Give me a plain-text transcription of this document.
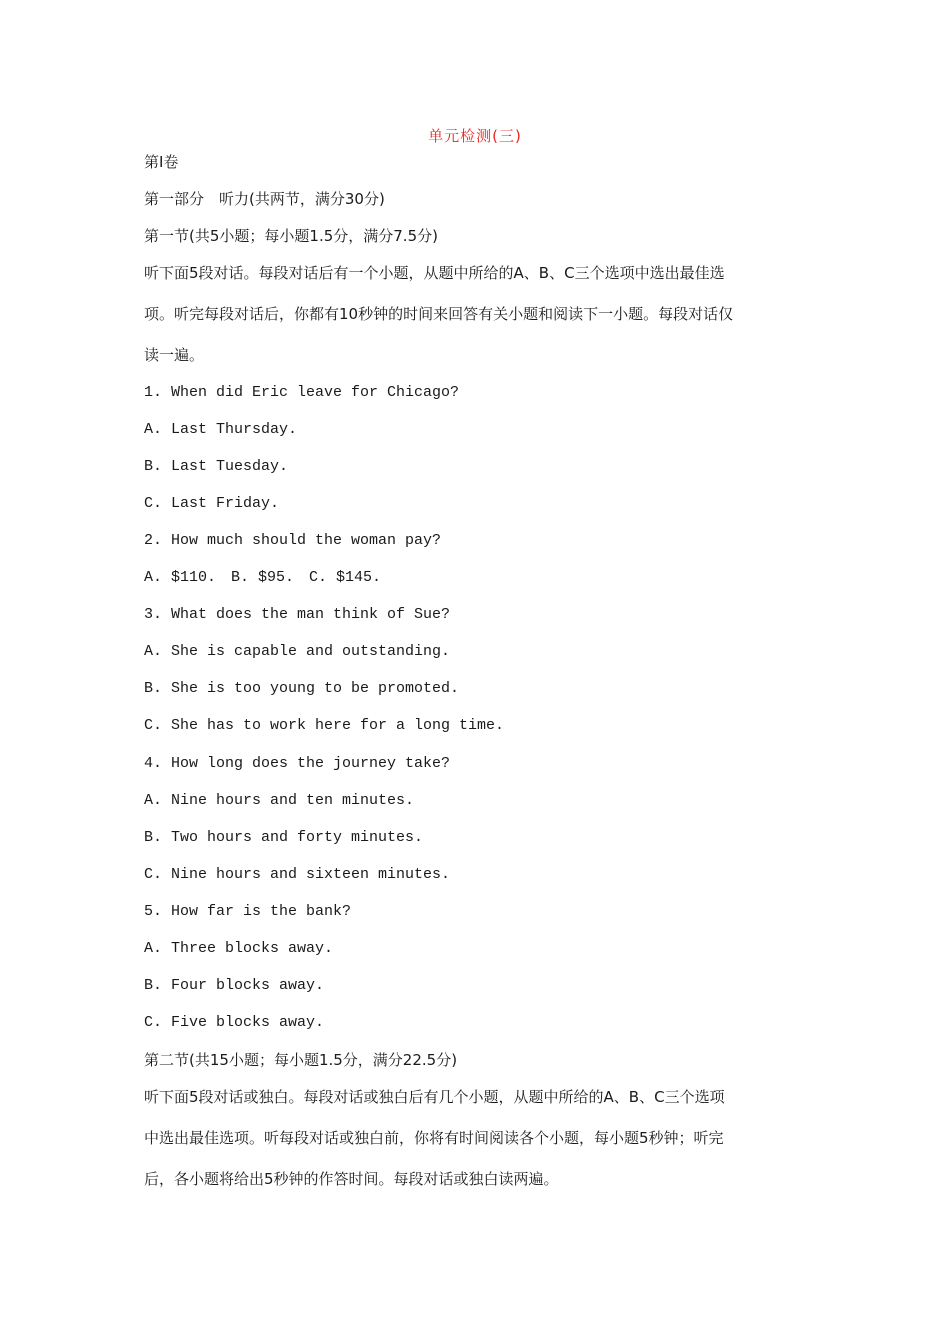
单元检测(三)
第Ⅰ卷
第一部分　听力(共两节，满分30分)
第一节(共5小题；每小题1.5分，满分7.5分)
听下面5段对话。每段对话后有一个小题，从题中所给的A、B、C三个选项中选出最佳选
项。听完每段对话后，你都有10秒钟的时间来回答有关小题和阅读下一小题。每段对话仅
读一遍。
1. When did Eric leave for Chicago?
A. Last Thursday.
B. Last Tuesday.
C. Last Friday.
2. How much should the woman pay?
A. $110.　B. $95.　C. $145.
3. What does the man think of Sue?
A. She is capable and outstanding.
B. She is too young to be promoted.
C. She has to work here for a long time.
4. How long does the journey take?
A. Nine hours and ten minutes.
B. Two hours and forty minutes.
C. Nine hours and sixteen minutes.
5. How far is the bank?
A. Three blocks away.
B. Four blocks away.
C. Five blocks away.
第二节(共15小题；每小题1.5分，满分22.5分)
听下面5段对话或独白。每段对话或独白后有几个小题，从题中所给的A、B、C三个选项
中选出最佳选项。听每段对话或独白前，你将有时间阅读各个小题，每小题5秒钟；听完
后，各小题将给出5秒钟的作答时间。每段对话或独白读两遍。
